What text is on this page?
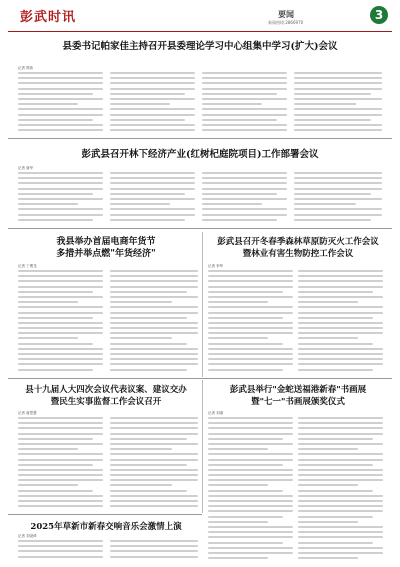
彭武时讯	要闻
新闻热线:2866970
3
县委书记帕家佳主持召开县委理论学习中心组集中学习(扩大)会议
记者 熊伟
彭武县召开林下经济产业(红树杞庭院项目)工作部署会议
记者 唐华
我县举办首届电商年货节
多措并举点燃"年货经济"
记者 丁俊龙
彭武县召开冬春季森林草原防灭火工作会议
暨林业有害生物防控工作会议
记者 李华
县十九届人大四次会议代表议案、建议交办
暨民生实事监督工作会议召开
记者 唐思慧
彭武县举行"金蛇送福港新春"书画展
暨"七一"书画展颁奖仪式
记者 刘淑
2025年草新市新春交响音乐会激情上演
记者 刘尧琦
